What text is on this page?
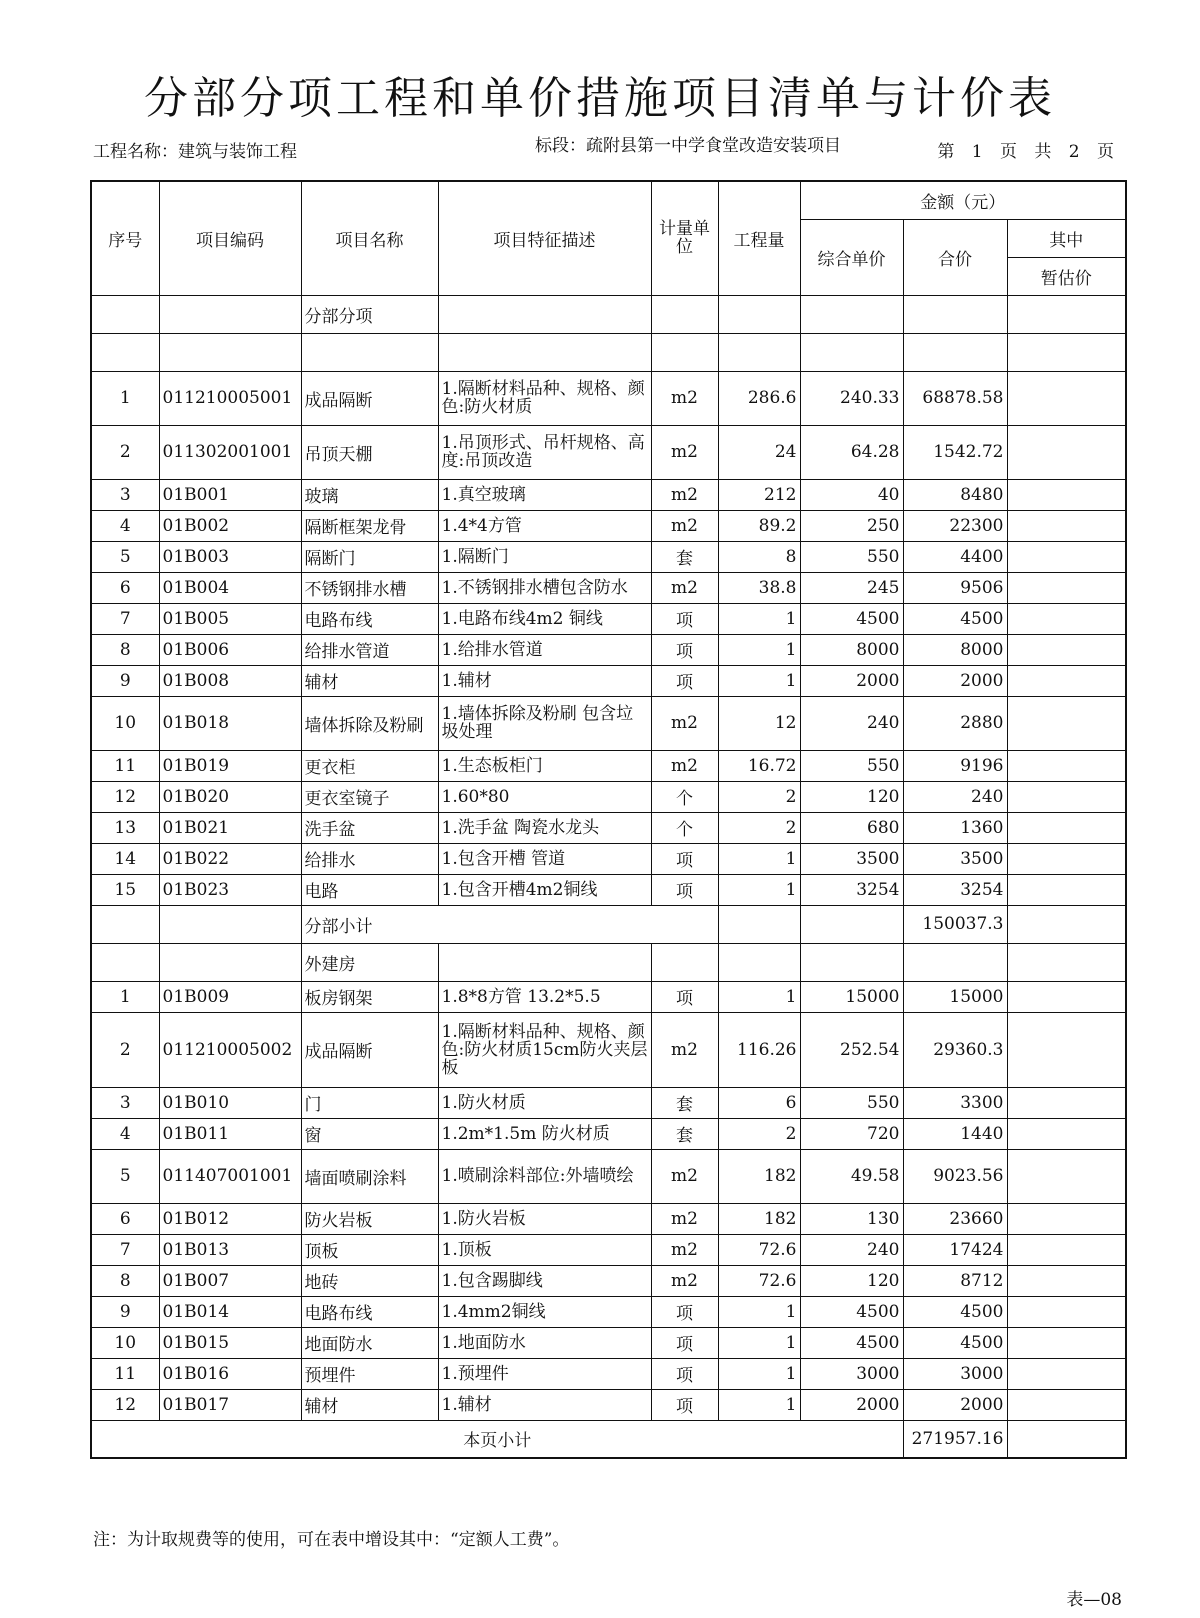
分部分项工程和单价措施项目清单与计价表
工程名称：建筑与装饰工程	标段：疏附县第一中学食堂改造安装项目	第 1 页 共 2 页
序号	项目编码	项目名称	项目特征描述	计量单位	工程量	金额（元）		
						综合单价	合价	其中
								暂估价
		分部分项						

1	011210005001	成品隔断	1.隔断材料品种、规格、颜色:防火材质	m2	286.6	240.33	68878.58	
2	011302001001	吊顶天棚	1.吊顶形式、吊杆规格、高度:吊顶改造	m2	24	64.28	1542.72	
3	01B001	玻璃	1.真空玻璃	m2	212	40	8480	
4	01B002	隔断框架龙骨	1.4*4方管	m2	89.2	250	22300	
5	01B003	隔断门	1.隔断门	套	8	550	4400	
6	01B004	不锈钢排水槽	1.不锈钢排水槽包含防水	m2	38.8	245	9506	
7	01B005	电路布线	1.电路布线4m2 铜线	项	1	4500	4500	
8	01B006	给排水管道	1.给排水管道	项	1	8000	8000	
9	01B008	辅材	1.辅材	项	1	2000	2000	
10	01B018	墙体拆除及粉刷	1.墙体拆除及粉刷 包含垃圾处理	m2	12	240	2880	
11	01B019	更衣柜	1.生态板柜门	m2	16.72	550	9196	
12	01B020	更衣室镜子	1.60*80	个	2	120	240	
13	01B021	洗手盆	1.洗手盆 陶瓷水龙头	个	2	680	1360	
14	01B022	给排水	1.包含开槽 管道	项	1	3500	3500	
15	01B023	电路	1.包含开槽4m2铜线	项	1	3254	3254	
		分部小计					150037.3	
		外建房						
1	01B009	板房钢架	1.8*8方管 13.2*5.5	项	1	15000	15000	
2	011210005002	成品隔断	1.隔断材料品种、规格、颜色:防火材质15cm防火夹层板	m2	116.26	252.54	29360.3	
3	01B010	门	1.防火材质	套	6	550	3300	
4	01B011	窗	1.2m*1.5m 防火材质	套	2	720	1440	
5	011407001001	墙面喷刷涂料	1.喷刷涂料部位:外墙喷绘	m2	182	49.58	9023.56	
6	01B012	防火岩板	1.防火岩板	m2	182	130	23660	
7	01B013	顶板	1.顶板	m2	72.6	240	17424	
8	01B007	地砖	1.包含踢脚线	m2	72.6	120	8712	
9	01B014	电路布线	1.4mm2铜线	项	1	4500	4500	
10	01B015	地面防水	1.地面防水	项	1	4500	4500	
11	01B016	预埋件	1.预埋件	项	1	3000	3000	
12	01B017	辅材	1.辅材	项	1	2000	2000	
本页小计							271957.16	
注：为计取规费等的使用，可在表中增设其中：“定额人工费”。
表—08
